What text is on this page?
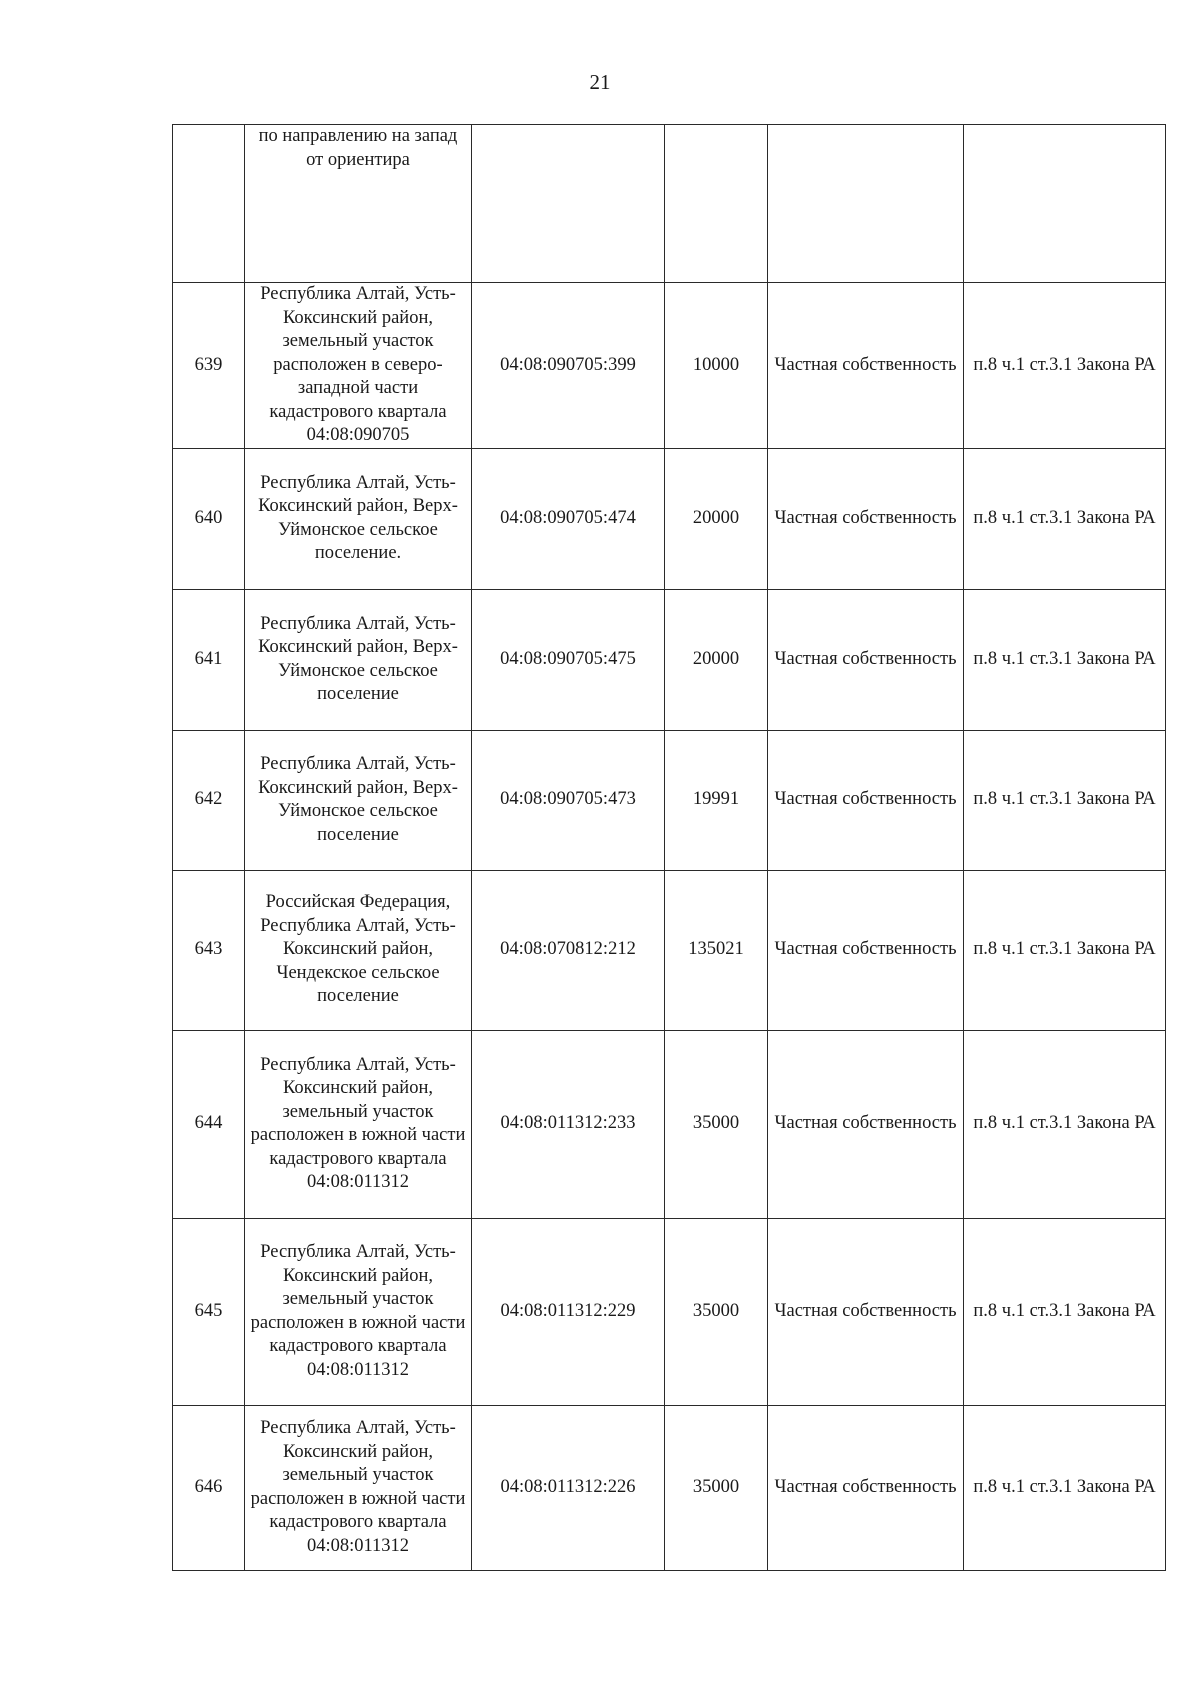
21

	по направлению на запад от ориентира				

639	Республика Алтай, Усть-Коксинский район, земельный участок расположен в северо-западной части кадастрового квартала 04:08:090705	04:08:090705:399	10000	Частная собственность	п.8 ч.1 ст.3.1 Закона РА
640	Республика Алтай, Усть-Коксинский район, Верх-Уймонское сельское поселение.	04:08:090705:474	20000	Частная собственность	п.8 ч.1 ст.3.1 Закона РА
641	Республика Алтай, Усть-Коксинский район, Верх-Уймонское сельское поселение	04:08:090705:475	20000	Частная собственность	п.8 ч.1 ст.3.1 Закона РА
642	Республика Алтай, Усть-Коксинский район, Верх-Уймонское сельское поселение	04:08:090705:473	19991	Частная собственность	п.8 ч.1 ст.3.1 Закона РА
643	Российская Федерация, Республика Алтай, Усть-Коксинский район, Чендекское сельское поселение	04:08:070812:212	135021	Частная собственность	п.8 ч.1 ст.3.1 Закона РА
644	Республика Алтай, Усть-Коксинский район, земельный участок расположен в южной части кадастрового квартала 04:08:011312	04:08:011312:233	35000	Частная собственность	п.8 ч.1 ст.3.1 Закона РА
645	Республика Алтай, Усть-Коксинский район, земельный участок расположен в южной части кадастрового квартала 04:08:011312	04:08:011312:229	35000	Частная собственность	п.8 ч.1 ст.3.1 Закона РА
646	Республика Алтай, Усть-Коксинский район, земельный участок расположен в южной части кадастрового квартала 04:08:011312	04:08:011312:226	35000	Частная собственность	п.8 ч.1 ст.3.1 Закона РА
